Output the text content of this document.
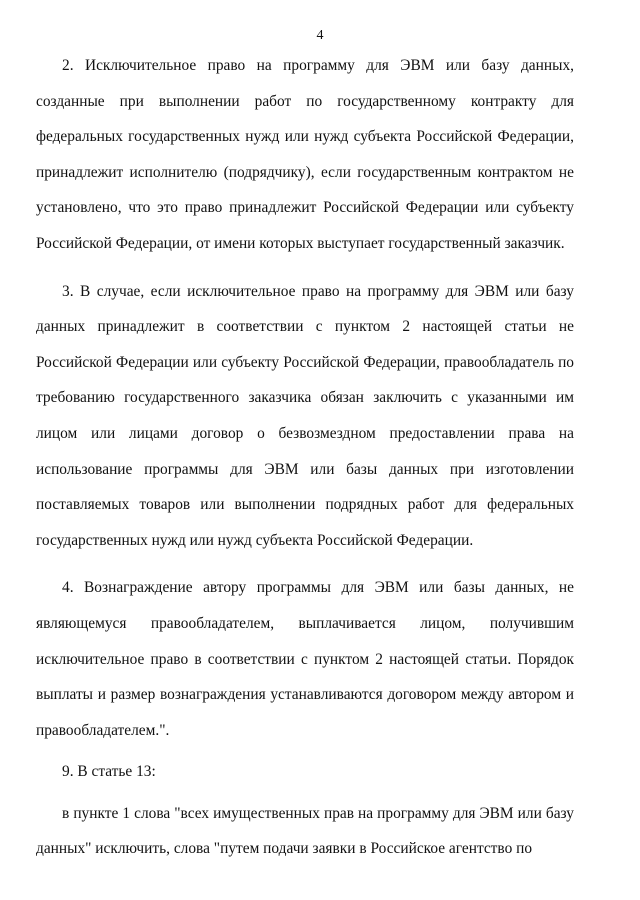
4

2. Исключительное право на программу для ЭВМ или базу данных, созданные при выполнении работ по государственному контракту для федеральных государственных нужд или нужд субъекта Российской Федерации, принадлежит исполнителю (подрядчику), если государственным контрактом не установлено, что это право принадлежит Российской Федерации или субъекту Российской Федерации, от имени которых выступает государственный заказчик.

3. В случае, если исключительное право на программу для ЭВМ или базу данных принадлежит в соответствии с пунктом 2 настоящей статьи не Российской Федерации или субъекту Российской Федерации, правообладатель по требованию государственного заказчика обязан заключить с указанными им лицом или лицами договор о безвозмездном предоставлении права на использование программы для ЭВМ или базы данных при изготовлении поставляемых товаров или выполнении подрядных работ для федеральных государственных нужд или нужд субъекта Российской Федерации.

4. Вознаграждение автору программы для ЭВМ или базы данных, не являющемуся правообладателем, выплачивается лицом, получившим исключительное право в соответствии с пунктом 2 настоящей статьи. Порядок выплаты и размер вознаграждения устанавливаются договором между автором и правообладателем.".

9. В статье 13:

в пункте 1 слова "всех имущественных прав на программу для ЭВМ или базу данных" исключить, слова "путем подачи заявки в Российское агентство по
